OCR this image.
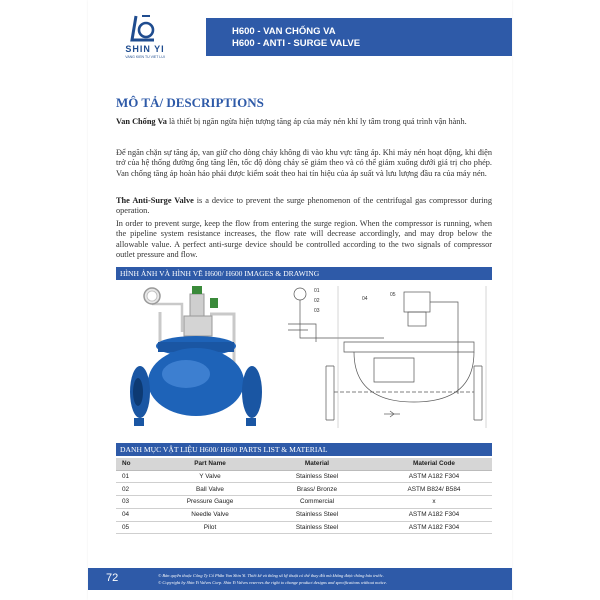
SHIN YI
VANG KIEN TU VIET LUI
H600 - VAN CHỐNG VA
H600 - ANTI - SURGE VALVE
MÔ TẢ/ DESCRIPTIONS

Van Chống Va là thiết bị ngăn ngừa hiện tượng tăng áp của máy nén khí ly tâm trong quá trình vận hành.

Để ngăn chặn sự tăng áp, van giữ cho dòng chảy không đi vào khu vực tăng áp. Khi máy nén hoạt động, khi điện trở của hệ thống đường ống tăng lên, tốc độ dòng chảy sẽ giảm theo và có thể giảm xuống dưới giá trị cho phép. Van chống tăng áp hoàn hảo phải được kiểm soát theo hai tín hiệu của áp suất và lưu lượng đầu ra của máy nén.

The Anti-Surge Valve is a device to prevent the surge phenomenon of the centrifugal gas compressor during operation.

In order to prevent surge, keep the flow from entering the surge region. When the compressor is running, when the pipeline system resistance increases, the flow rate will decrease accordingly, and may drop below the allowable value. A perfect anti-surge device should be controlled according to the two signals of compressor outlet pressure and flow.

HÌNH ẢNH VÀ HÌNH VẼ H600/ H600 IMAGES & DRAWING
01
02
03
04
05
DANH MỤC VẬT LIỆU H600/ H600 PARTS LIST & MATERIAL
No	Part Name	Material	Material Code
01	Y Valve	Stainless Steel	ASTM A182 F304
02	Ball Valve	Brass/ Bronze	ASTM B824/ B584
03	Pressure Gauge	Commercial	x
04	Needle Valve	Stainless Steel	ASTM A182 F304
05	Pilot	Stainless Steel	ASTM A182 F304
72	© Bản quyền thuộc Công Ty Cổ Phần Van Shin Yi. Thiết kế và thông số kỹ thuật có thể thay đổi mà không được thông báo trước.
© Copyright by Shin Yi Valves Corp. Shin Yi Valves reserves the right to change product designs and specifications without notice.
